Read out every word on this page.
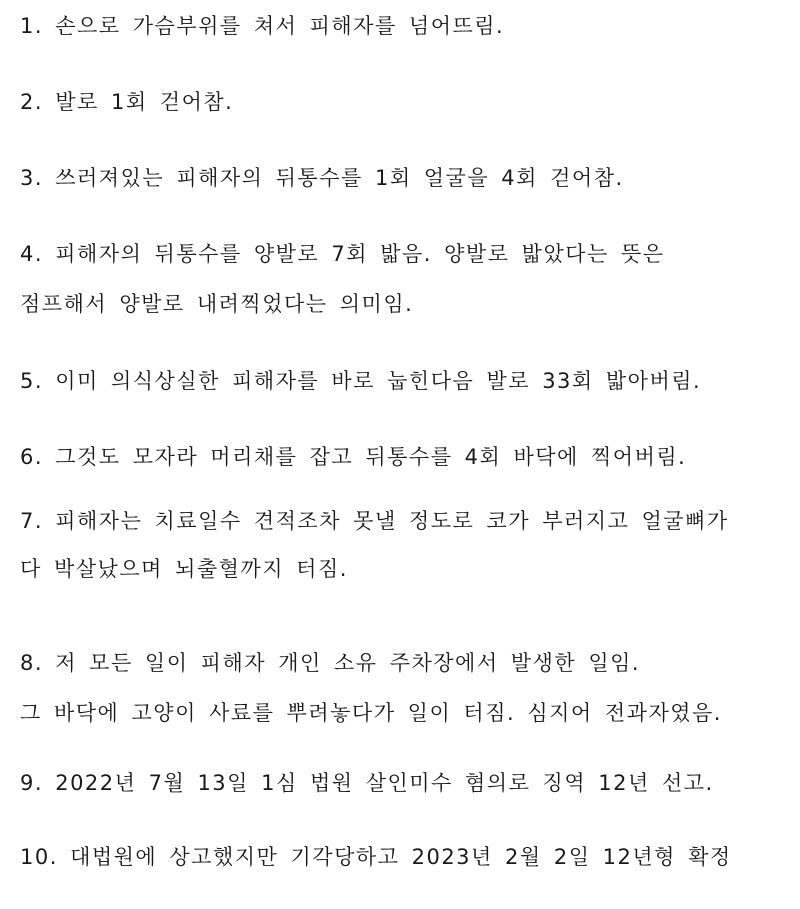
1. 손으로 가슴부위를 쳐서 피해자를 넘어뜨림.
2. 발로 1회 걷어참.
3. 쓰러져있는 피해자의 뒤통수를 1회 얼굴을 4회 걷어참.
4. 피해자의 뒤통수를 양발로 7회 밟음. 양발로 밟았다는 뜻은
점프해서 양발로 내려찍었다는 의미임.
5. 이미 의식상실한 피해자를 바로 눕힌다음 발로 33회 밟아버림.
6. 그것도 모자라 머리채를 잡고 뒤통수를 4회 바닥에 찍어버림.
7. 피해자는 치료일수 견적조차 못낼 정도로 코가 부러지고 얼굴뼈가
다 박살났으며 뇌출혈까지 터짐.
8. 저 모든 일이 피해자 개인 소유 주차장에서 발생한 일임.
그 바닥에 고양이 사료를 뿌려놓다가 일이 터짐. 심지어 전과자였음.
9. 2022년 7월 13일 1심 법원 살인미수 혐의로 징역 12년 선고.
10. 대법원에 상고했지만 기각당하고 2023년 2월 2일 12년형 확정
